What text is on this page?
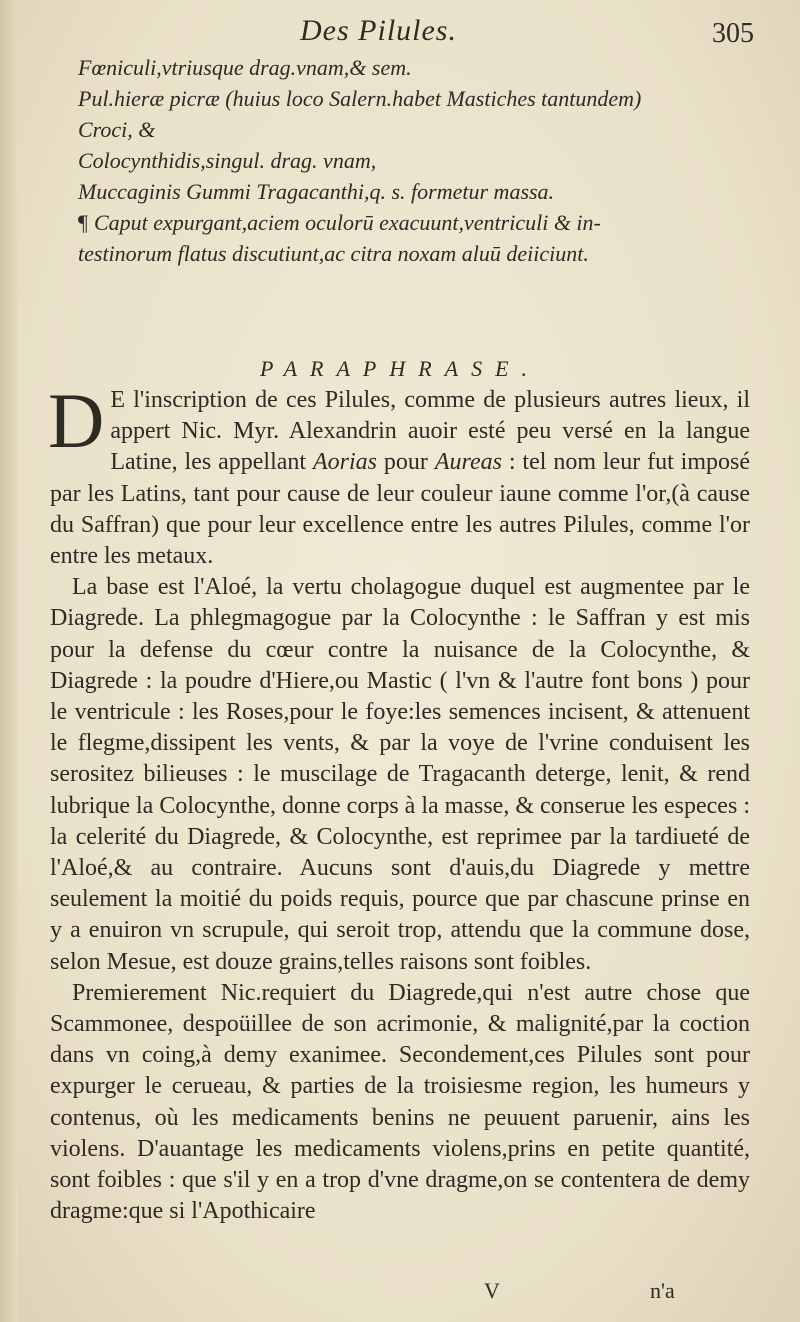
Des Pilules.	305
Fœniculi,vtriusque drag.vnam,& sem.
Pul.hieræ picræ (huius loco Salern.habet Mastiches tantundem)
Croci, &
Colocynthidis,singul. drag. vnam,
Muccaginis Gummi Tragacanthi,q. s. formetur massa.
¶ Caput expurgant,aciem oculorū exacuunt,ventriculi & in-
testinorum flatus discutiunt,ac citra noxam aluū deiiciunt.
PARAPHRASE.

D E l'inscription de ces Pilules, comme de plusieurs autres lieux, il appert Nic. Myr. Alexandrin auoir esté peu versé en la langue Latine, les appellant Aorias pour Aureas : tel nom leur fut imposé par les Latins, tant pour cause de leur couleur iaune comme l'or,(à cause du Saffran) que pour leur excellence entre les autres Pilules, comme l'or entre les metaux.

La base est l'Aloé, la vertu cholagogue duquel est augmentee par le Diagrede. La phlegmagogue par la Colocynthe : le Saffran y est mis pour la defense du cœur contre la nuisance de la Colocynthe, & Diagrede : la poudre d'Hiere,ou Mastic ( l'vn & l'autre font bons ) pour le ventricule : les Roses,pour le foye:les semences incisent, & attenuent le flegme,dissipent les vents, & par la voye de l'vrine conduisent les serositez bilieuses : le muscilage de Tragacanth deterge, lenit, & rend lubrique la Colocynthe, donne corps à la masse, & conserue les especes : la celerité du Diagrede, & Colocynthe, est reprimee par la tardiueté de l'Aloé,& au contraire. Aucuns sont d'auis,du Diagrede y mettre seulement la moitié du poids requis, pource que par chascune prinse en y a enuiron vn scrupule, qui seroit trop, attendu que la commune dose, selon Mesue, est douze grains,telles raisons sont foibles.

Premierement Nic.requiert du Diagrede,qui n'est autre chose que Scammonee, despoüillee de son acrimonie, & malignité,par la coction dans vn coing,à demy exanimee. Secondement,ces Pilules sont pour expurger le cerueau, & parties de la troisiesme region, les humeurs y contenus, où les medicaments benins ne peuuent paruenir, ains les violens. D'auantage les medicaments violens,prins en petite quantité, sont foibles : que s'il y en a trop d'vne dragme,on se contentera de demy dragme:que si l'Apothicaire

V	n'a
